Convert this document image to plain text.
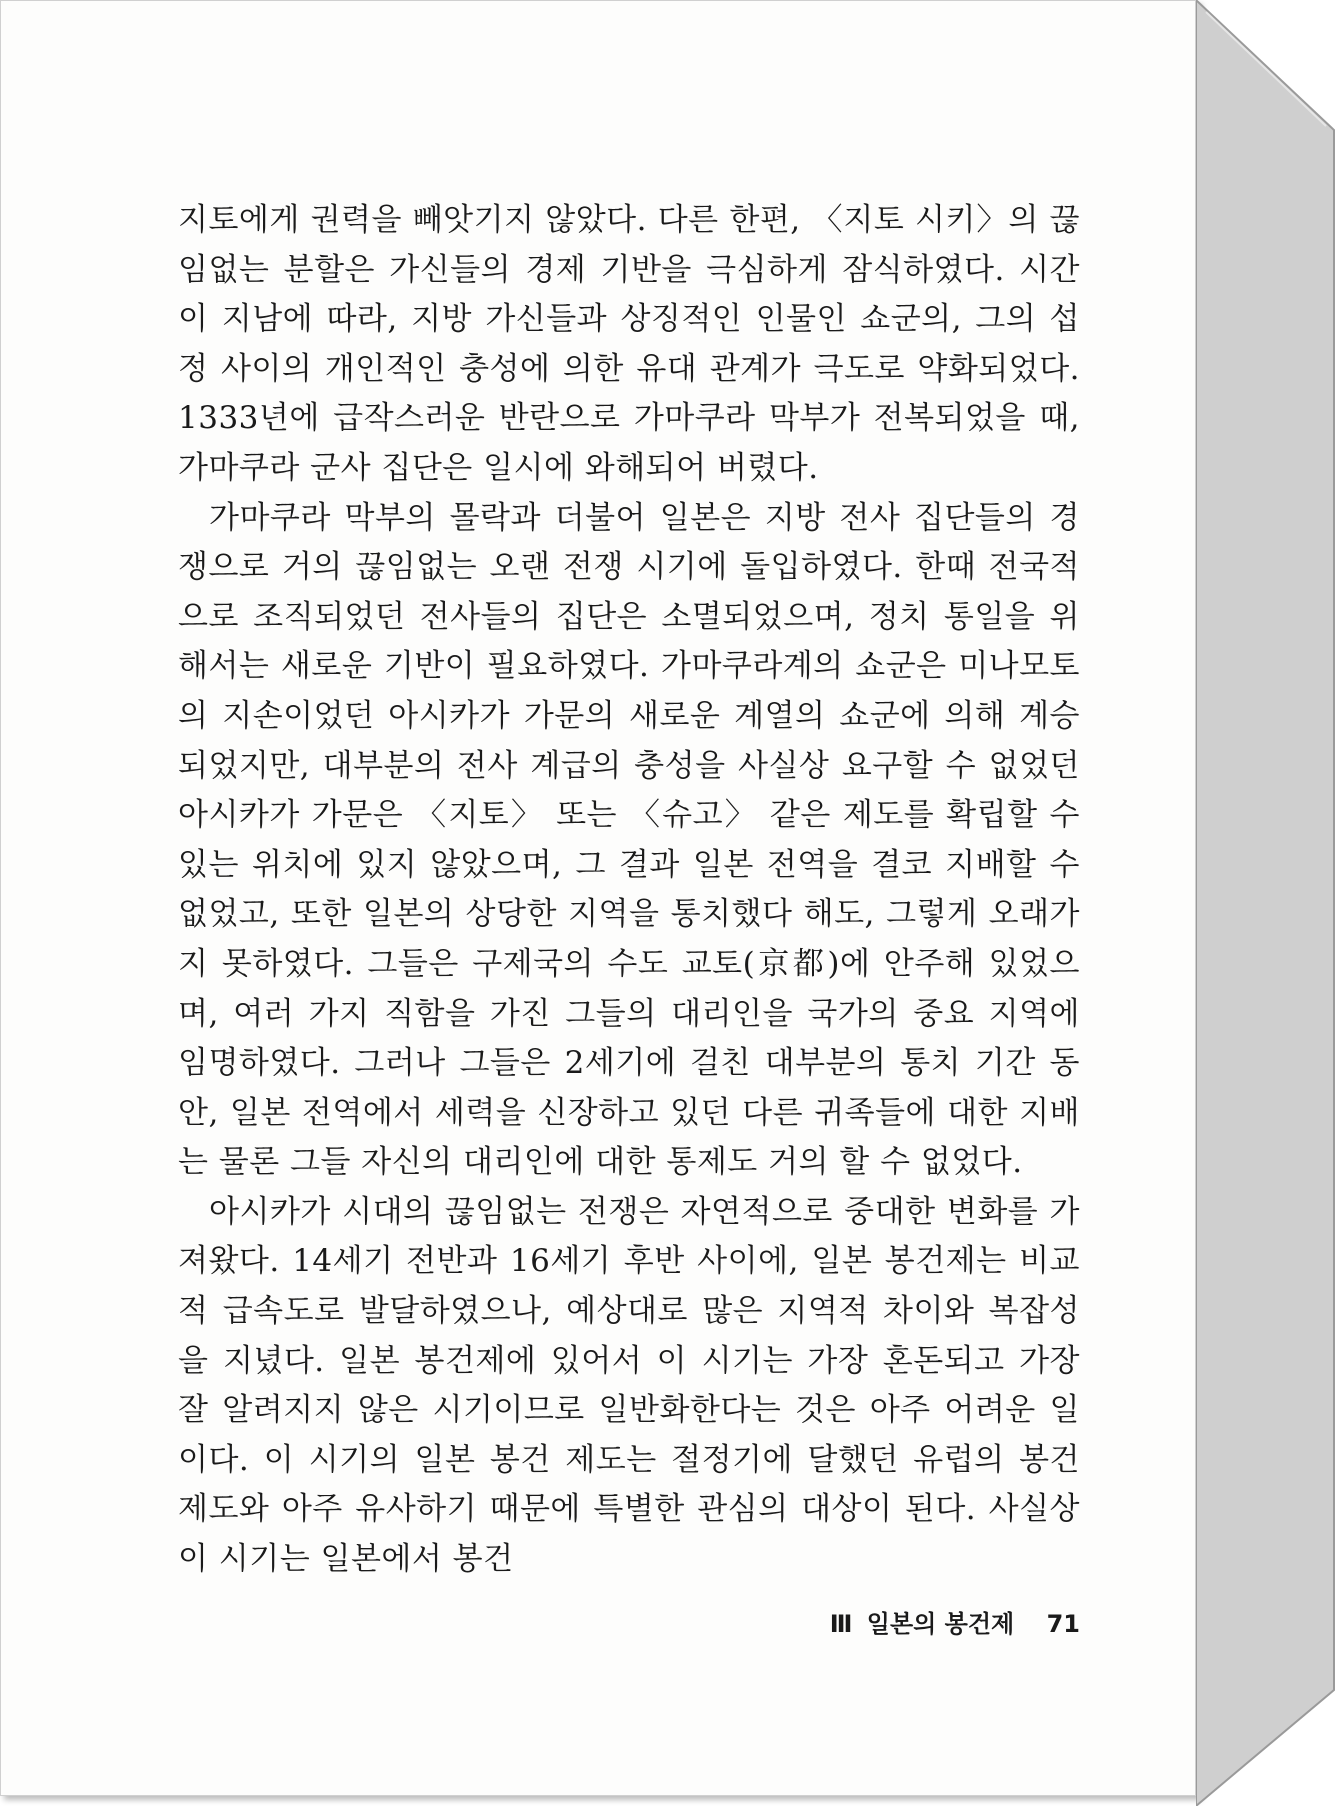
지토에게 권력을 빼앗기지 않았다. 다른 한편, 〈지토 시키〉의 끊임없는 분할은 가신들의 경제 기반을 극심하게 잠식하였다. 시간이 지남에 따라, 지방 가신들과 상징적인 인물인 쇼군의, 그의 섭정 사이의 개인적인 충성에 의한 유대 관계가 극도로 약화되었다. 1333년에 급작스러운 반란으로 가마쿠라 막부가 전복되었을 때, 가마쿠라 군사 집단은 일시에 와해되어 버렸다.

가마쿠라 막부의 몰락과 더불어 일본은 지방 전사 집단들의 경쟁으로 거의 끊임없는 오랜 전쟁 시기에 돌입하였다. 한때 전국적으로 조직되었던 전사들의 집단은 소멸되었으며, 정치 통일을 위해서는 새로운 기반이 필요하였다. 가마쿠라계의 쇼군은 미나모토의 지손이었던 아시카가 가문의 새로운 계열의 쇼군에 의해 계승되었지만, 대부분의 전사 계급의 충성을 사실상 요구할 수 없었던 아시카가 가문은 〈지토〉 또는 〈슈고〉 같은 제도를 확립할 수 있는 위치에 있지 않았으며, 그 결과 일본 전역을 결코 지배할 수 없었고, 또한 일본의 상당한 지역을 통치했다 해도, 그렇게 오래가지 못하였다. 그들은 구제국의 수도 교토(京都)에 안주해 있었으며, 여러 가지 직함을 가진 그들의 대리인을 국가의 중요 지역에 임명하였다. 그러나 그들은 2세기에 걸친 대부분의 통치 기간 동안, 일본 전역에서 세력을 신장하고 있던 다른 귀족들에 대한 지배는 물론 그들 자신의 대리인에 대한 통제도 거의 할 수 없었다.

아시카가 시대의 끊임없는 전쟁은 자연적으로 중대한 변화를 가져왔다. 14세기 전반과 16세기 후반 사이에, 일본 봉건제는 비교적 급속도로 발달하였으나, 예상대로 많은 지역적 차이와 복잡성을 지녔다. 일본 봉건제에 있어서 이 시기는 가장 혼돈되고 가장 잘 알려지지 않은 시기이므로 일반화한다는 것은 아주 어려운 일이다. 이 시기의 일본 봉건 제도는 절정기에 달했던 유럽의 봉건 제도와 아주 유사하기 때문에 특별한 관심의 대상이 된다. 사실상 이 시기는 일본에서 봉건

Ⅲ 일본의 봉건제 71
